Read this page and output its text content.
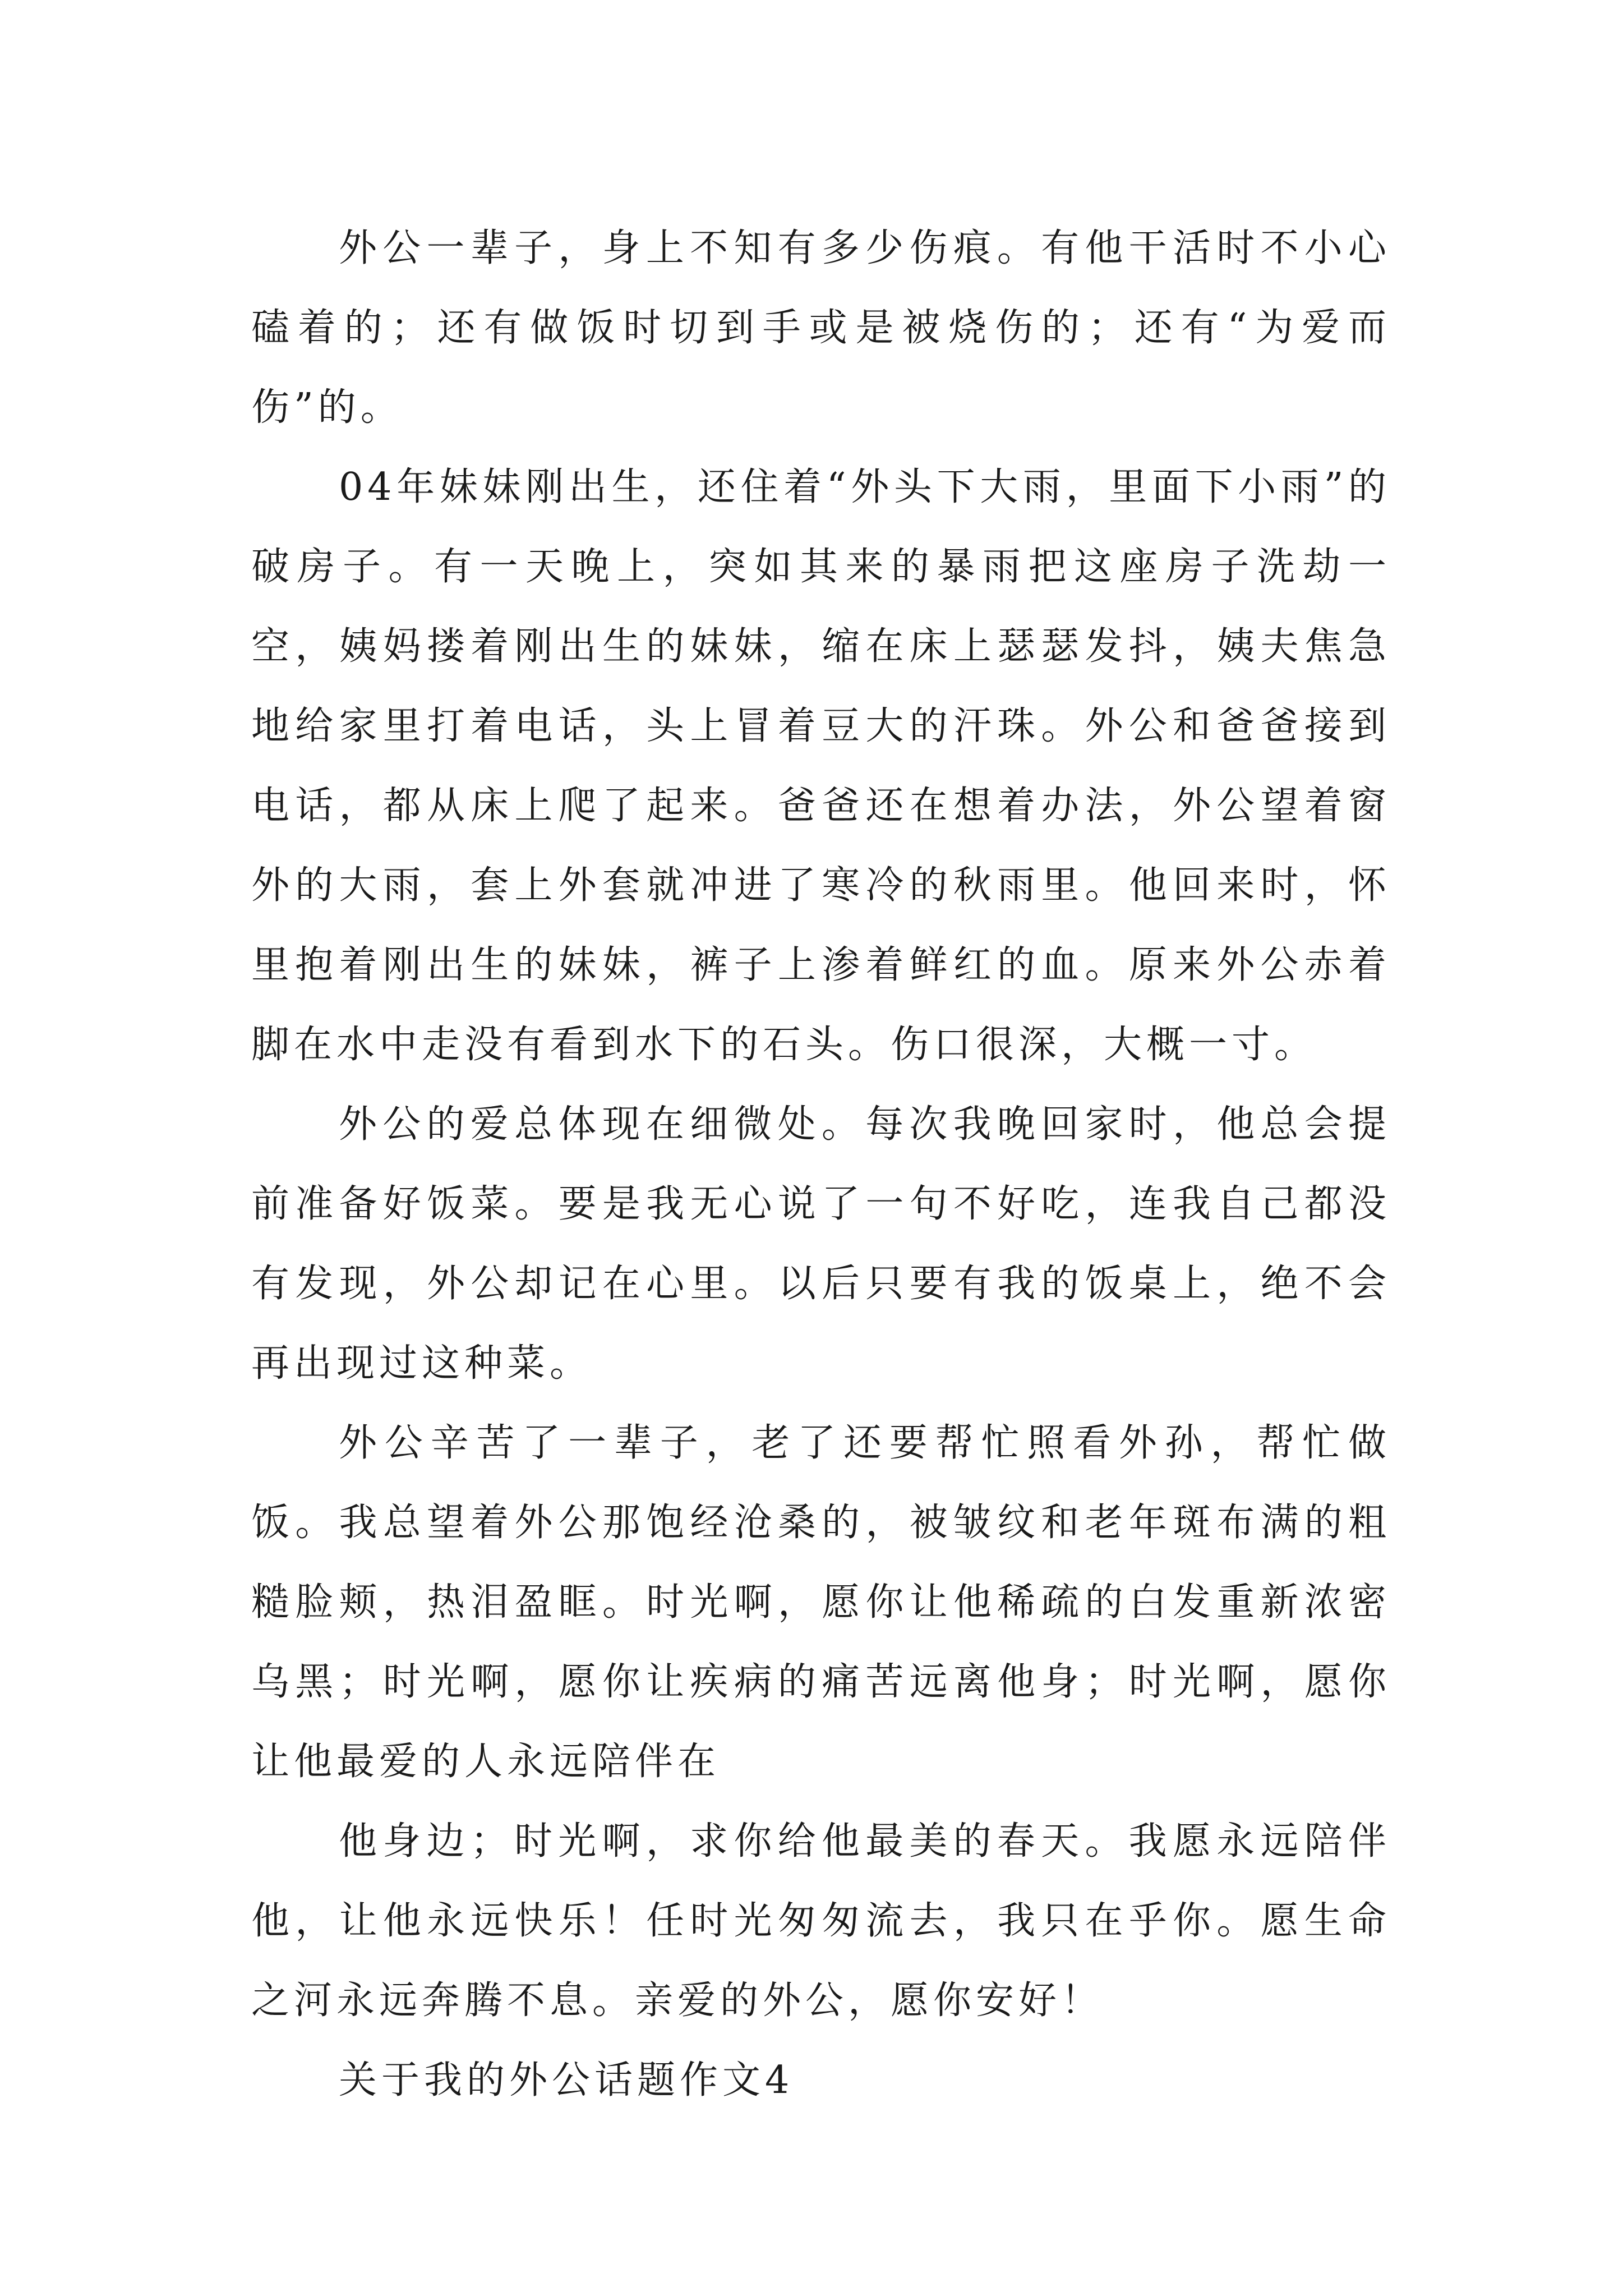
外公一辈子，身上不知有多少伤痕。有他干活时不小心磕着的；还有做饭时切到手或是被烧伤的；还有“为爱而伤”的。

04年妹妹刚出生，还住着“外头下大雨，里面下小雨”的破房子。有一天晚上，突如其来的暴雨把这座房子洗劫一空，姨妈搂着刚出生的妹妹，缩在床上瑟瑟发抖，姨夫焦急地给家里打着电话，头上冒着豆大的汗珠。外公和爸爸接到电话，都从床上爬了起来。爸爸还在想着办法，外公望着窗外的大雨，套上外套就冲进了寒冷的秋雨里。他回来时，怀里抱着刚出生的妹妹，裤子上渗着鲜红的血。原来外公赤着脚在水中走没有看到水下的石头。伤口很深，大概一寸。

外公的爱总体现在细微处。每次我晚回家时，他总会提前准备好饭菜。要是我无心说了一句不好吃，连我自己都没有发现，外公却记在心里。以后只要有我的饭桌上，绝不会再出现过这种菜。

外公辛苦了一辈子，老了还要帮忙照看外孙，帮忙做饭。我总望着外公那饱经沧桑的，被皱纹和老年斑布满的粗糙脸颊，热泪盈眶。时光啊，愿你让他稀疏的白发重新浓密乌黑；时光啊，愿你让疾病的痛苦远离他身；时光啊，愿你让他最爱的人永远陪伴在

他身边；时光啊，求你给他最美的春天。我愿永远陪伴他，让他永远快乐！任时光匆匆流去，我只在乎你。愿生命之河永远奔腾不息。亲爱的外公，愿你安好！

关于我的外公话题作文4
